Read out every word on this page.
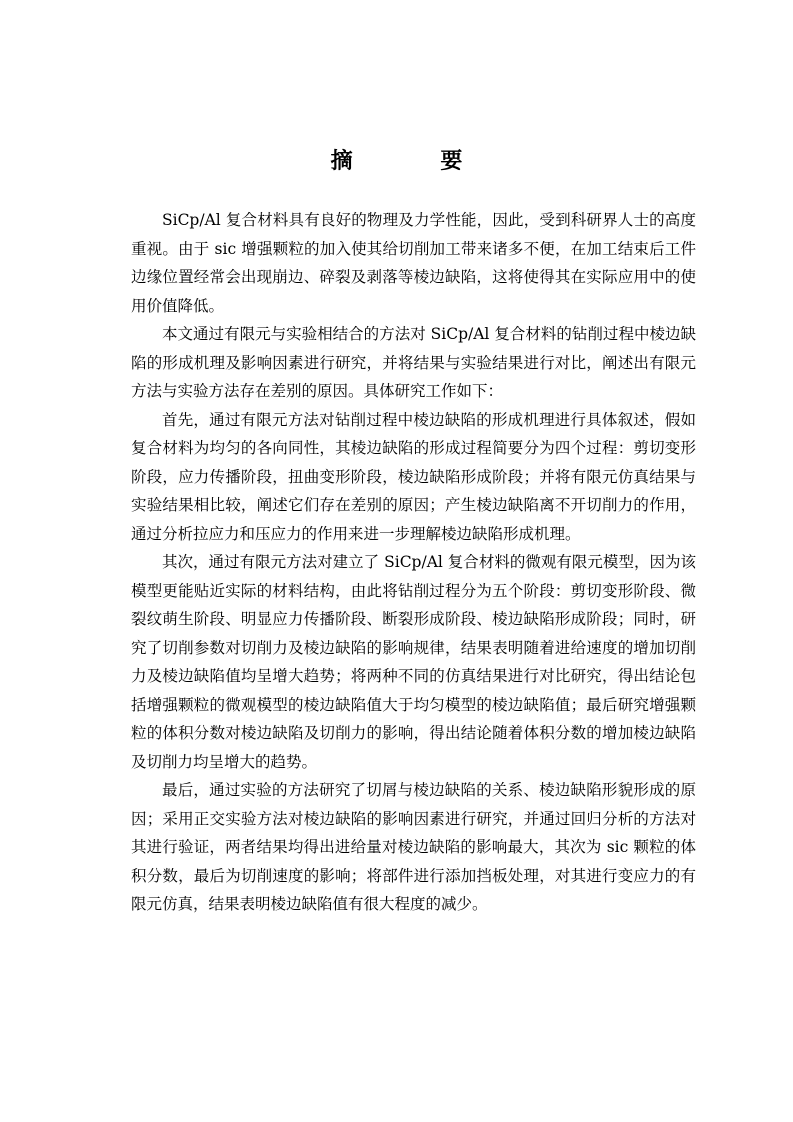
摘 要

SiCp/Al 复合材料具有良好的物理及力学性能，因此，受到科研界人士的高度重视。由于 sic 增强颗粒的加入使其给切削加工带来诸多不便，在加工结束后工件边缘位置经常会出现崩边、碎裂及剥落等棱边缺陷，这将使得其在实际应用中的使用价值降低。

本文通过有限元与实验相结合的方法对 SiCp/Al 复合材料的钻削过程中棱边缺陷的形成机理及影响因素进行研究，并将结果与实验结果进行对比，阐述出有限元方法与实验方法存在差别的原因。具体研究工作如下：

首先，通过有限元方法对钻削过程中棱边缺陷的形成机理进行具体叙述，假如复合材料为均匀的各向同性，其棱边缺陷的形成过程简要分为四个过程：剪切变形阶段，应力传播阶段，扭曲变形阶段，棱边缺陷形成阶段；并将有限元仿真结果与实验结果相比较，阐述它们存在差别的原因；产生棱边缺陷离不开切削力的作用，通过分析拉应力和压应力的作用来进一步理解棱边缺陷形成机理。

其次，通过有限元方法对建立了 SiCp/Al 复合材料的微观有限元模型，因为该模型更能贴近实际的材料结构，由此将钻削过程分为五个阶段：剪切变形阶段、微裂纹萌生阶段、明显应力传播阶段、断裂形成阶段、棱边缺陷形成阶段；同时，研究了切削参数对切削力及棱边缺陷的影响规律，结果表明随着进给速度的增加切削力及棱边缺陷值均呈增大趋势；将两种不同的仿真结果进行对比研究，得出结论包括增强颗粒的微观模型的棱边缺陷值大于均匀模型的棱边缺陷值；最后研究增强颗粒的体积分数对棱边缺陷及切削力的影响，得出结论随着体积分数的增加棱边缺陷及切削力均呈增大的趋势。

最后，通过实验的方法研究了切屑与棱边缺陷的关系、棱边缺陷形貌形成的原因；采用正交实验方法对棱边缺陷的影响因素进行研究，并通过回归分析的方法对其进行验证，两者结果均得出进给量对棱边缺陷的影响最大，其次为 sic 颗粒的体积分数，最后为切削速度的影响；将部件进行添加挡板处理，对其进行变应力的有限元仿真，结果表明棱边缺陷值有很大程度的减少。
